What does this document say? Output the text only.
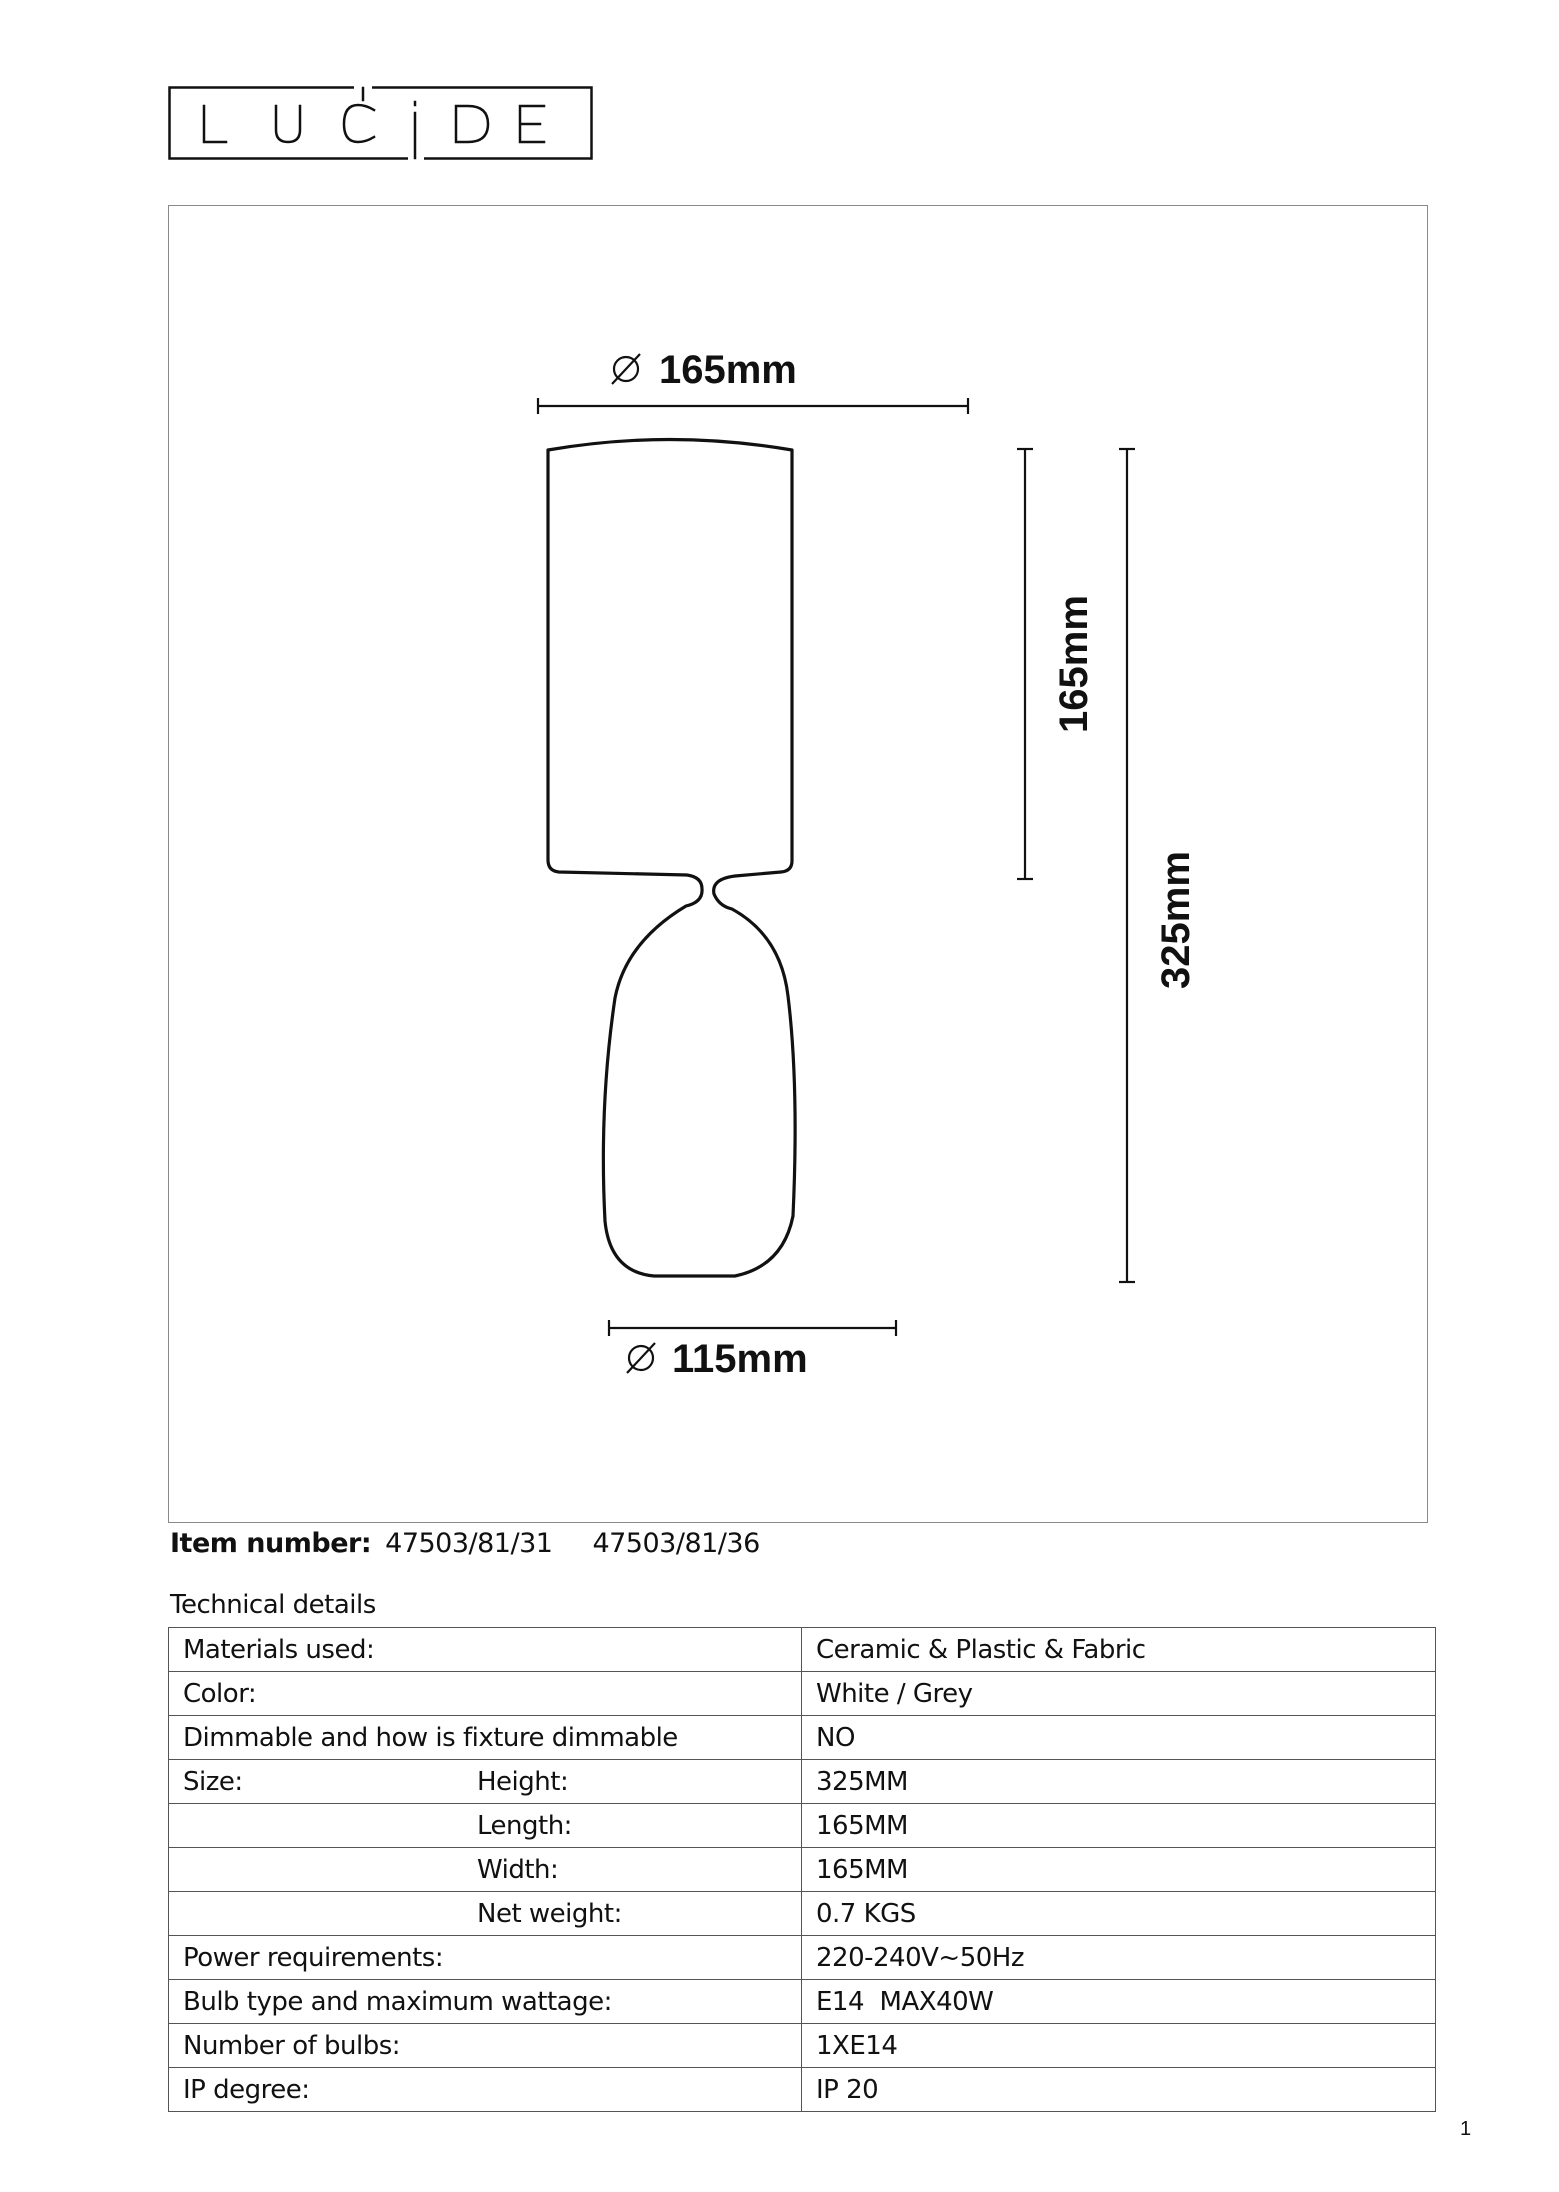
165mm
115mm
165mm
325mm
Item number: 47503/81/31 47503/81/36
Technical details
Materials used:		Ceramic & Plastic & Fabric
Color:		White / Grey
Dimmable and how is fixture dimmable		NO
Size:	Height:	325MM
	Length:	165MM
	Width:	165MM
	Net weight:	0.7 KGS
Power requirements:		220-240V~50Hz
Bulb type and maximum wattage:		E14  MAX40W
Number of bulbs:		1XE14
IP degree:		IP 20
1
